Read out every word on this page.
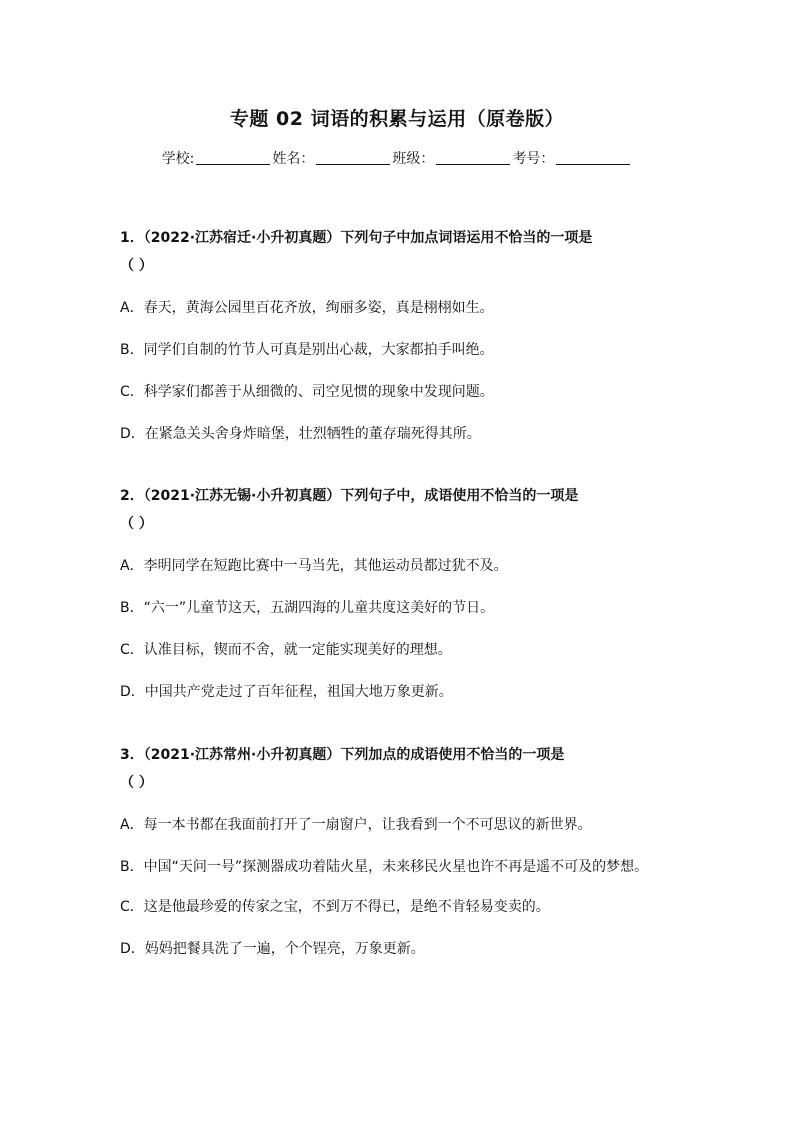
专题 02 词语的积累与运用（原卷版）
学校:	姓名：	班级：	考号：

1．（2022·江苏宿迁·小升初真题）下列句子中加点词语运用不恰当的一项是

（ ）

A．春天，黄海公园里百花齐放，绚丽多姿，真是栩栩如生。

B．同学们自制的竹节人可真是别出心裁，大家都拍手叫绝。

C．科学家们都善于从细微的、司空见惯的现象中发现问题。

D．在紧急关头舍身炸暗堡，壮烈牺牲的董存瑞死得其所。

2．（2021·江苏无锡·小升初真题）下列句子中，成语使用不恰当的一项是

（ ）

A．李明同学在短跑比赛中一马当先，其他运动员都过犹不及。

B．“六一”儿童节这天，五湖四海的儿童共度这美好的节日。

C．认准目标，锲而不舍，就一定能实现美好的理想。

D．中国共产党走过了百年征程，祖国大地万象更新。

3．（2021·江苏常州·小升初真题）下列加点的成语使用不恰当的一项是

（ ）

A．每一本书都在我面前打开了一扇窗户，让我看到一个不可思议的新世界。

B．中国“天问一号”探测器成功着陆火星，未来移民火星也许不再是遥不可及的梦想。

C．这是他最珍爱的传家之宝，不到万不得已，是绝不肯轻易变卖的。

D．妈妈把餐具洗了一遍，个个锃亮，万象更新。
